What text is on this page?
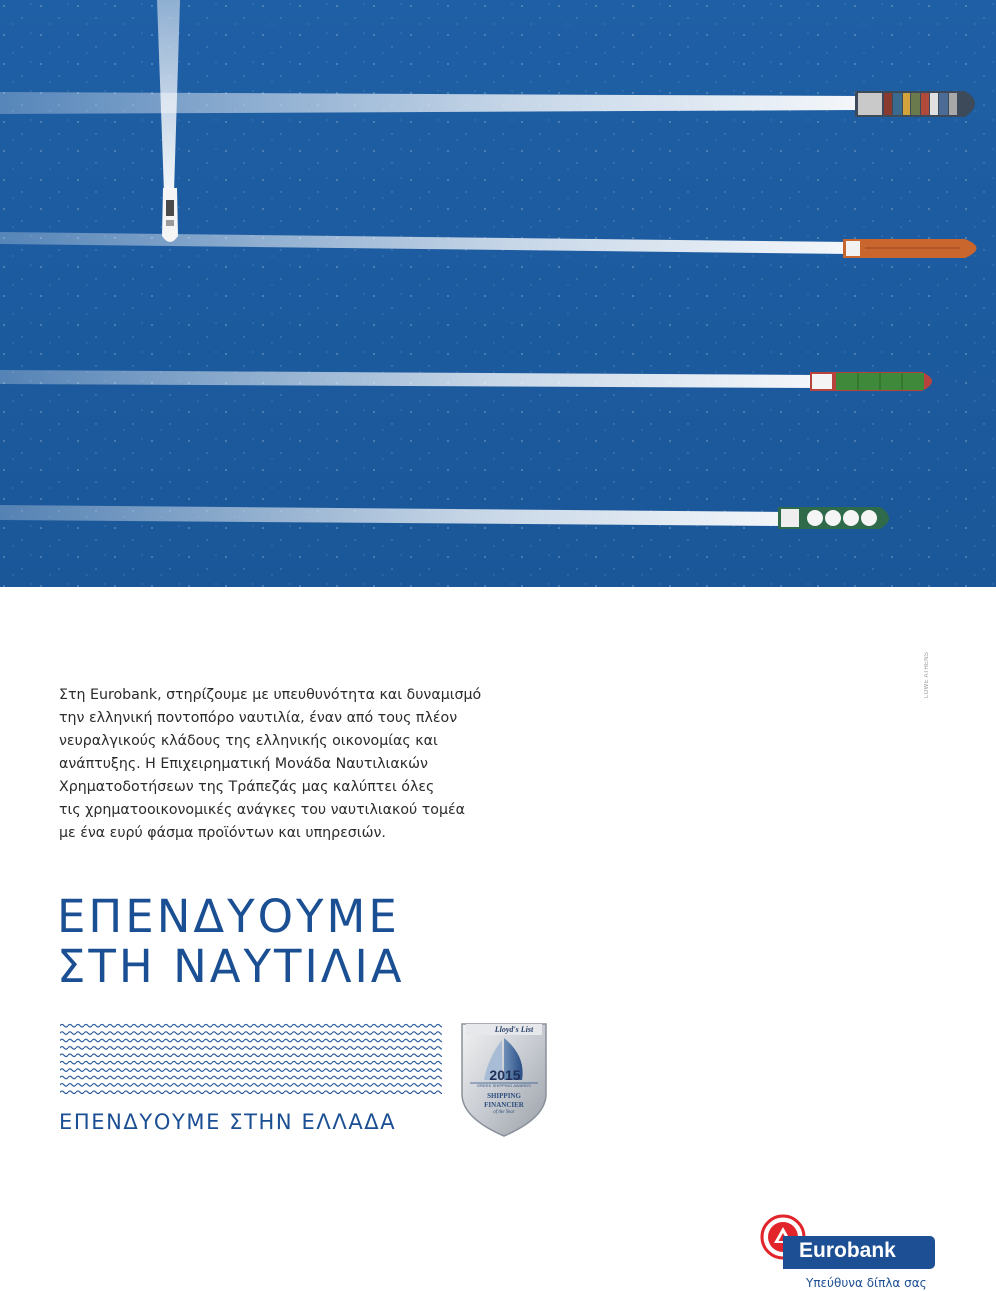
LOWE ATHENS

Στη Eurobank, στηρίζουμε με υπευθυνότητα και δυναμισμό
την ελληνική ποντοπόρο ναυτιλία, έναν από τους πλέον
νευραλγικούς κλάδους της ελληνικής οικονομίας και
ανάπτυξης. Η Επιχειρηματική Μονάδα Ναυτιλιακών
Χρηματοδοτήσεων της Τράπεζάς μας καλύπτει όλες
τις χρηματοοικονομικές ανάγκες του ναυτιλιακού τομέα
με ένα ευρύ φάσμα προϊόντων και υπηρεσιών.

ΕΠΕΝΔΥΟΥΜΕ
ΣΤΗ ΝΑΥΤΙΛΙΑ
ΕΠΕΝΔΥΟΥΜΕ ΣΤΗΝ ΕΛΛΑΔΑ
Lloyd's List
2015
GREEK SHIPPING AWARDS
SHIPPING
FINANCIER
of the Year
Eurobank
Υπεύθυνα δίπλα σας
